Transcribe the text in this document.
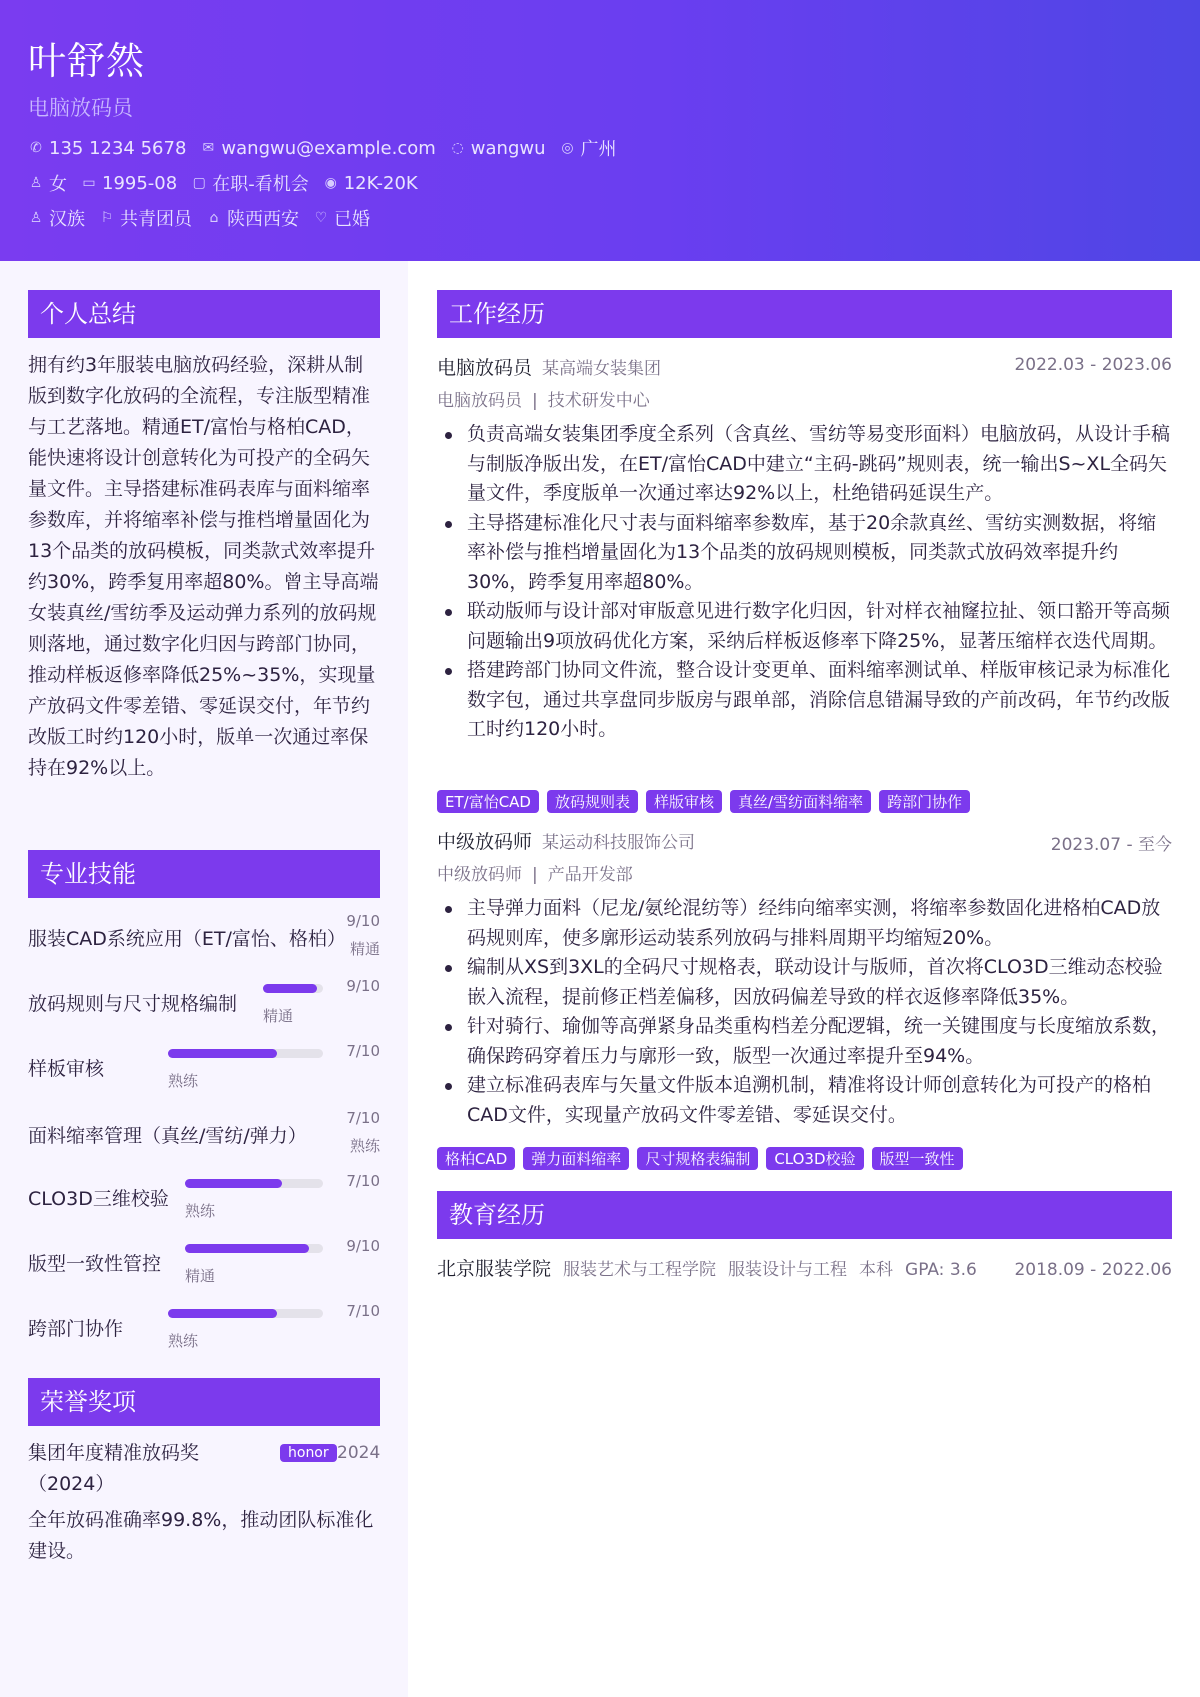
叶舒然
电脑放码员
✆ 135 1234 5678 ✉ wangwu@example.com ◌ wangwu ◎ 广州
♙ 女 ▭ 1995-08 ▢ 在职-看机会 ◉ 12K-20K
♙ 汉族 ⚐ 共青团员 ⌂ 陕西西安 ♡ 已婚
个人总结
拥有约3年服装电脑放码经验，深耕从制版到数字化放码的全流程，专注版型精准与工艺落地。精通ET/富怡与格柏CAD，能快速将设计创意转化为可投产的全码矢量文件。主导搭建标准码表库与面料缩率参数库，并将缩率补偿与推档增量固化为13个品类的放码模板，同类款式效率提升约30%，跨季复用率超80%。曾主导高端女装真丝/雪纺季及运动弹力系列的放码规则落地，通过数字化归因与跨部门协同，推动样板返修率降低25%~35%，实现量产放码文件零差错、零延误交付，年节约改版工时约120小时，版单一次通过率保持在92%以上。
专业技能
服装CAD系统应用（ET/富怡、格柏）
9/10
精通
放码规则与尺寸规格编制
9/10
精通
样板审核
7/10
熟练
面料缩率管理（真丝/雪纺/弹力）
7/10
熟练
CLO3D三维校验
7/10
熟练
版型一致性管控
9/10
精通
跨部门协作
7/10
熟练
荣誉奖项
集团年度精准放码奖（2024）
honor 2024
全年放码准确率99.8%，推动团队标准化建设。
工作经历
电脑放码员 某高端女装集团	2022.03 - 2023.06
电脑放码员 | 技术研发中心
负责高端女装集团季度全系列（含真丝、雪纺等易变形面料）电脑放码，从设计手稿与制版净版出发，在ET/富怡CAD中建立“主码-跳码”规则表，统一输出S~XL全码矢量文件，季度版单一次通过率达92%以上，杜绝错码延误生产。
主导搭建标准化尺寸表与面料缩率参数库，基于20余款真丝、雪纺实测数据，将缩率补偿与推档增量固化为13个品类的放码规则模板，同类款式放码效率提升约30%，跨季复用率超80%。
联动版师与设计部对审版意见进行数字化归因，针对样衣袖窿拉扯、领口豁开等高频问题输出9项放码优化方案，采纳后样板返修率下降25%，显著压缩样衣迭代周期。
搭建跨部门协同文件流，整合设计变更单、面料缩率测试单、样版审核记录为标准化数字包，通过共享盘同步版房与跟单部，消除信息错漏导致的产前改码，年节约改版工时约120小时。
ET/富怡CAD	放码规则表	样版审核	真丝/雪纺面料缩率	跨部门协作
中级放码师 某运动科技服饰公司	2023.07 - 至今
中级放码师 | 产品开发部
主导弹力面料（尼龙/氨纶混纺等）经纬向缩率实测，将缩率参数固化进格柏CAD放码规则库，使多廓形运动装系列放码与排料周期平均缩短20%。
编制从XS到3XL的全码尺寸规格表，联动设计与版师，首次将CLO3D三维动态校验嵌入流程，提前修正档差偏移，因放码偏差导致的样衣返修率降低35%。
针对骑行、瑜伽等高弹紧身品类重构档差分配逻辑，统一关键围度与长度缩放系数，确保跨码穿着压力与廓形一致，版型一次通过率提升至94%。
建立标准码表库与矢量文件版本追溯机制，精准将设计师创意转化为可投产的格柏CAD文件，实现量产放码文件零差错、零延误交付。
格柏CAD	弹力面料缩率	尺寸规格表编制	CLO3D校验	版型一致性
教育经历
北京服装学院 服装艺术与工程学院 服装设计与工程 本科 GPA: 3.6 2018.09 - 2022.06
